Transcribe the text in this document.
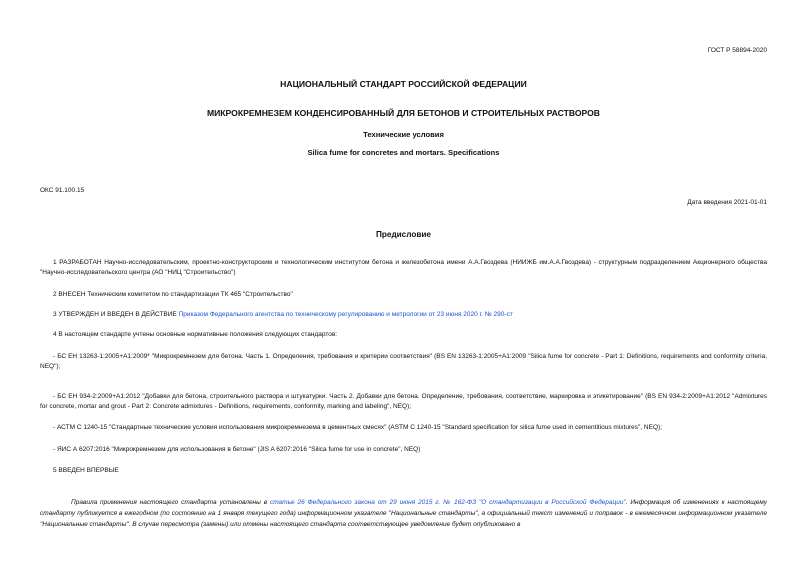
ГОСТ Р 58894-2020
НАЦИОНАЛЬНЫЙ СТАНДАРТ РОССИЙСКОЙ ФЕДЕРАЦИИ
МИКРОКРЕМНЕЗЕМ КОНДЕНСИРОВАННЫЙ ДЛЯ БЕТОНОВ И СТРОИТЕЛЬНЫХ РАСТВОРОВ
Технические условия
Silica fume for concretes and mortars. Specifications
ОКС 91.100.15
Дата введения 2021-01-01
Предисловие
1 РАЗРАБОТАН Научно-исследовательским, проектно-конструкторским и технологическим институтом бетона и железобетона имени А.А.Гвоздева (НИИЖБ им.А.А.Гвоздева) - структурным подразделением Акционерного общества "Научно-исследовательского центра (АО "НИЦ "Строительство")
2 ВНЕСЕН Техническим комитетом по стандартизации ТК 465 "Строительство"
3 УТВЕРЖДЕН И ВВЕДЕН В ДЕЙСТВИЕ Приказом Федерального агентства по техническому регулированию и метрологии от 23 июня 2020 г. № 290-ст
4 В настоящем стандарте учтены основные нормативные положения следующих стандартов:
- БС ЕН 13263-1:2005+А1:2009* "Микрокремнезем для бетона. Часть 1. Определения, требования и критерии соответствия" (BS EN 13263-1:2005+A1:2009 "Silica fume for concrete - Part 1: Definitions, requirements and conformity criteria, NEQ");
- БС ЕН 934-2:2009+А1:2012 "Добавки для бетона, строительного раствора и штукатурки. Часть 2. Добавки для бетона. Определение, требования, соответствие, маркировка и этикетирование" (BS EN 934-2:2009+A1:2012 "Admixtures for concrete, mortar and grout - Part 2: Concrete admixtures - Definitions, requirements, conformity, marking and labeling", NEQ);
- АСТМ С 1240-15 "Стандартные технические условия использования микрокремнезема в цементных смесях" (ASTM C 1240-15 "Standard specification for silica fume used in cementitious mixtures", NEQ);
- ЯИС А 6207:2016 "Микрокремнезем для использования в бетоне" (JIS A 6207:2016 "Silica fume for use in concrete", NEQ)
5 ВВЕДЕН ВПЕРВЫЕ
Правила применения настоящего стандарта установлены в статье 26 Федерального закона от 29 июня 2015 г. № 162-ФЗ "О стандартизации в Российской Федерации". Информация об изменениях к настоящему стандарту публикуется в ежегодном (по состоянию на 1 января текущего года) информационном указателе "Национальные стандарты", а официальный текст изменений и поправок - в ежемесячном информационном указателе "Национальные стандарты". В случае пересмотра (замены) или отмены настоящего стандарта соответствующее уведомление будет опубликовано в
